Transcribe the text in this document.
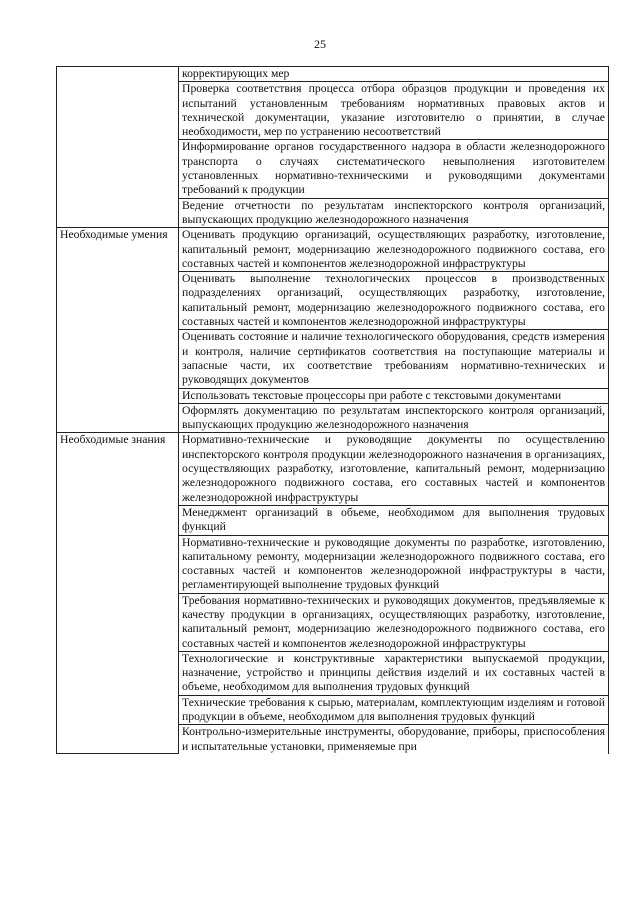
25
	корректирующих мер
	Проверка соответствия процесса отбора образцов продукции и проведения их испытаний установленным требованиям нормативных правовых актов и технической документации, указание изготовителю о принятии, в случае необходимости, мер по устранению несоответствий
	Информирование органов государственного надзора в области железнодорожного транспорта о случаях систематического невыполнения изготовителем установленных нормативно-техническими и руководящими документами требований к продукции
	Ведение отчетности по результатам инспекторского контроля организаций, выпускающих продукцию железнодорожного назначения
Необходимые умения	Оценивать продукцию организаций, осуществляющих разработку, изготовление, капитальный ремонт, модернизацию железнодорожного подвижного состава, его составных частей и компонентов железнодорожной инфраструктуры
	Оценивать выполнение технологических процессов в производственных подразделениях организаций, осуществляющих разработку, изготовление, капитальный ремонт, модернизацию железнодорожного подвижного состава, его составных частей и компонентов железнодорожной инфраструктуры
	Оценивать состояние и наличие технологического оборудования, средств измерения и контроля, наличие сертификатов соответствия на поступающие материалы и запасные части, их соответствие требованиям нормативно-технических и руководящих документов
	Использовать текстовые процессоры при работе с текстовыми документами
	Оформлять документацию по результатам инспекторского контроля организаций, выпускающих продукцию железнодорожного назначения
Необходимые знания	Нормативно-технические и руководящие документы по осуществлению инспекторского контроля продукции железнодорожного назначения в организациях, осуществляющих разработку, изготовление, капитальный ремонт, модернизацию железнодорожного подвижного состава, его составных частей и компонентов железнодорожной инфраструктуры
	Менеджмент организаций в объеме, необходимом для выполнения трудовых функций
	Нормативно-технические и руководящие документы по разработке, изготовлению, капитальному ремонту, модернизации железнодорожного подвижного состава, его составных частей и компонентов железнодорожной инфраструктуры в части, регламентирующей выполнение трудовых функций
	Требования нормативно-технических и руководящих документов, предъявляемые к качеству продукции в организациях, осуществляющих разработку, изготовление, капитальный ремонт, модернизацию железнодорожного подвижного состава, его составных частей и компонентов железнодорожной инфраструктуры
	Технологические и конструктивные характеристики выпускаемой продукции, назначение, устройство и принципы действия изделий и их составных частей в объеме, необходимом для выполнения трудовых функций
	Технические требования к сырью, материалам, комплектующим изделиям и готовой продукции в объеме, необходимом для выполнения трудовых функций
	Контрольно-измерительные инструменты, оборудование, приборы, приспособления и испытательные установки, применяемые при
